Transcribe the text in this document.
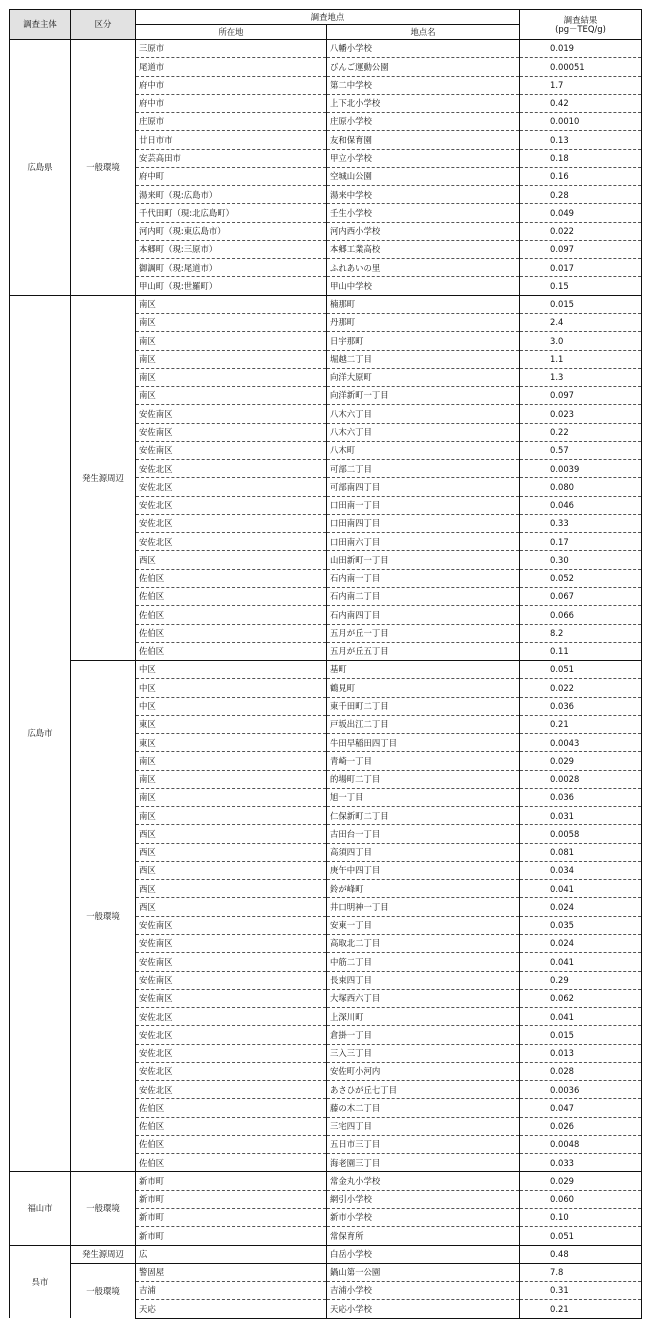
調査主体	区分	調査地点		調査結果
(pg－TEQ/g)
		所在地	地点名	
広島県	一般環境	三原市	八幡小学校	0.019
		尾道市	びんご運動公園	0.00051
		府中市	第二中学校	1.7
		府中市	上下北小学校	0.42
		庄原市	庄原小学校	0.0010
		廿日市市	友和保育園	0.13
		安芸高田市	甲立小学校	0.18
		府中町	空城山公園	0.16
		湯来町（現:広島市）	湯来中学校	0.28
		千代田町（現:北広島町）	壬生小学校	0.049
		河内町（現:東広島市）	河内西小学校	0.022
		本郷町（現:三原市）	本郷工業高校	0.097
		御調町（現:尾道市）	ふれあいの里	0.017
		甲山町（現:世羅町）	甲山中学校	0.15
広島市	発生源周辺	南区	楠那町	0.015
		南区	丹那町	2.4
		南区	日宇那町	3.0
		南区	堀越二丁目	1.1
		南区	向洋大原町	1.3
		南区	向洋新町一丁目	0.097
		安佐南区	八木六丁目	0.023
		安佐南区	八木六丁目	0.22
		安佐南区	八木町	0.57
		安佐北区	可部二丁目	0.0039
		安佐北区	可部南四丁目	0.080
		安佐北区	口田南一丁目	0.046
		安佐北区	口田南四丁目	0.33
		安佐北区	口田南六丁目	0.17
		西区	山田新町一丁目	0.30
		佐伯区	石内南一丁目	0.052
		佐伯区	石内南二丁目	0.067
		佐伯区	石内南四丁目	0.066
		佐伯区	五月が丘一丁目	8.2
		佐伯区	五月が丘五丁目	0.11
	一般環境	中区	基町	0.051
		中区	鶴見町	0.022
		中区	東千田町二丁目	0.036
		東区	戸坂出江二丁目	0.21
		東区	牛田早稲田四丁目	0.0043
		南区	青崎一丁目	0.029
		南区	的場町二丁目	0.0028
		南区	旭一丁目	0.036
		南区	仁保新町二丁目	0.031
		西区	古田台一丁目	0.0058
		西区	高須四丁目	0.081
		西区	庚午中四丁目	0.034
		西区	鈴が峰町	0.041
		西区	井口明神一丁目	0.024
		安佐南区	安東一丁目	0.035
		安佐南区	高取北二丁目	0.024
		安佐南区	中筋二丁目	0.041
		安佐南区	長束四丁目	0.29
		安佐南区	大塚西六丁目	0.062
		安佐北区	上深川町	0.041
		安佐北区	倉掛一丁目	0.015
		安佐北区	三入三丁目	0.013
		安佐北区	安佐町小河内	0.028
		安佐北区	あさひが丘七丁目	0.0036
		佐伯区	藤の木二丁目	0.047
		佐伯区	三宅四丁目	0.026
		佐伯区	五日市三丁目	0.0048
		佐伯区	海老園三丁目	0.033
福山市	一般環境	新市町	常金丸小学校	0.029
		新市町	網引小学校	0.060
		新市町	新市小学校	0.10
		新市町	常保育所	0.051
呉市	発生源周辺	広	白岳小学校	0.48
	一般環境	警固屋	鍋山第一公園	7.8
		吉浦	吉浦小学校	0.31
		天応	天応小学校	0.21
